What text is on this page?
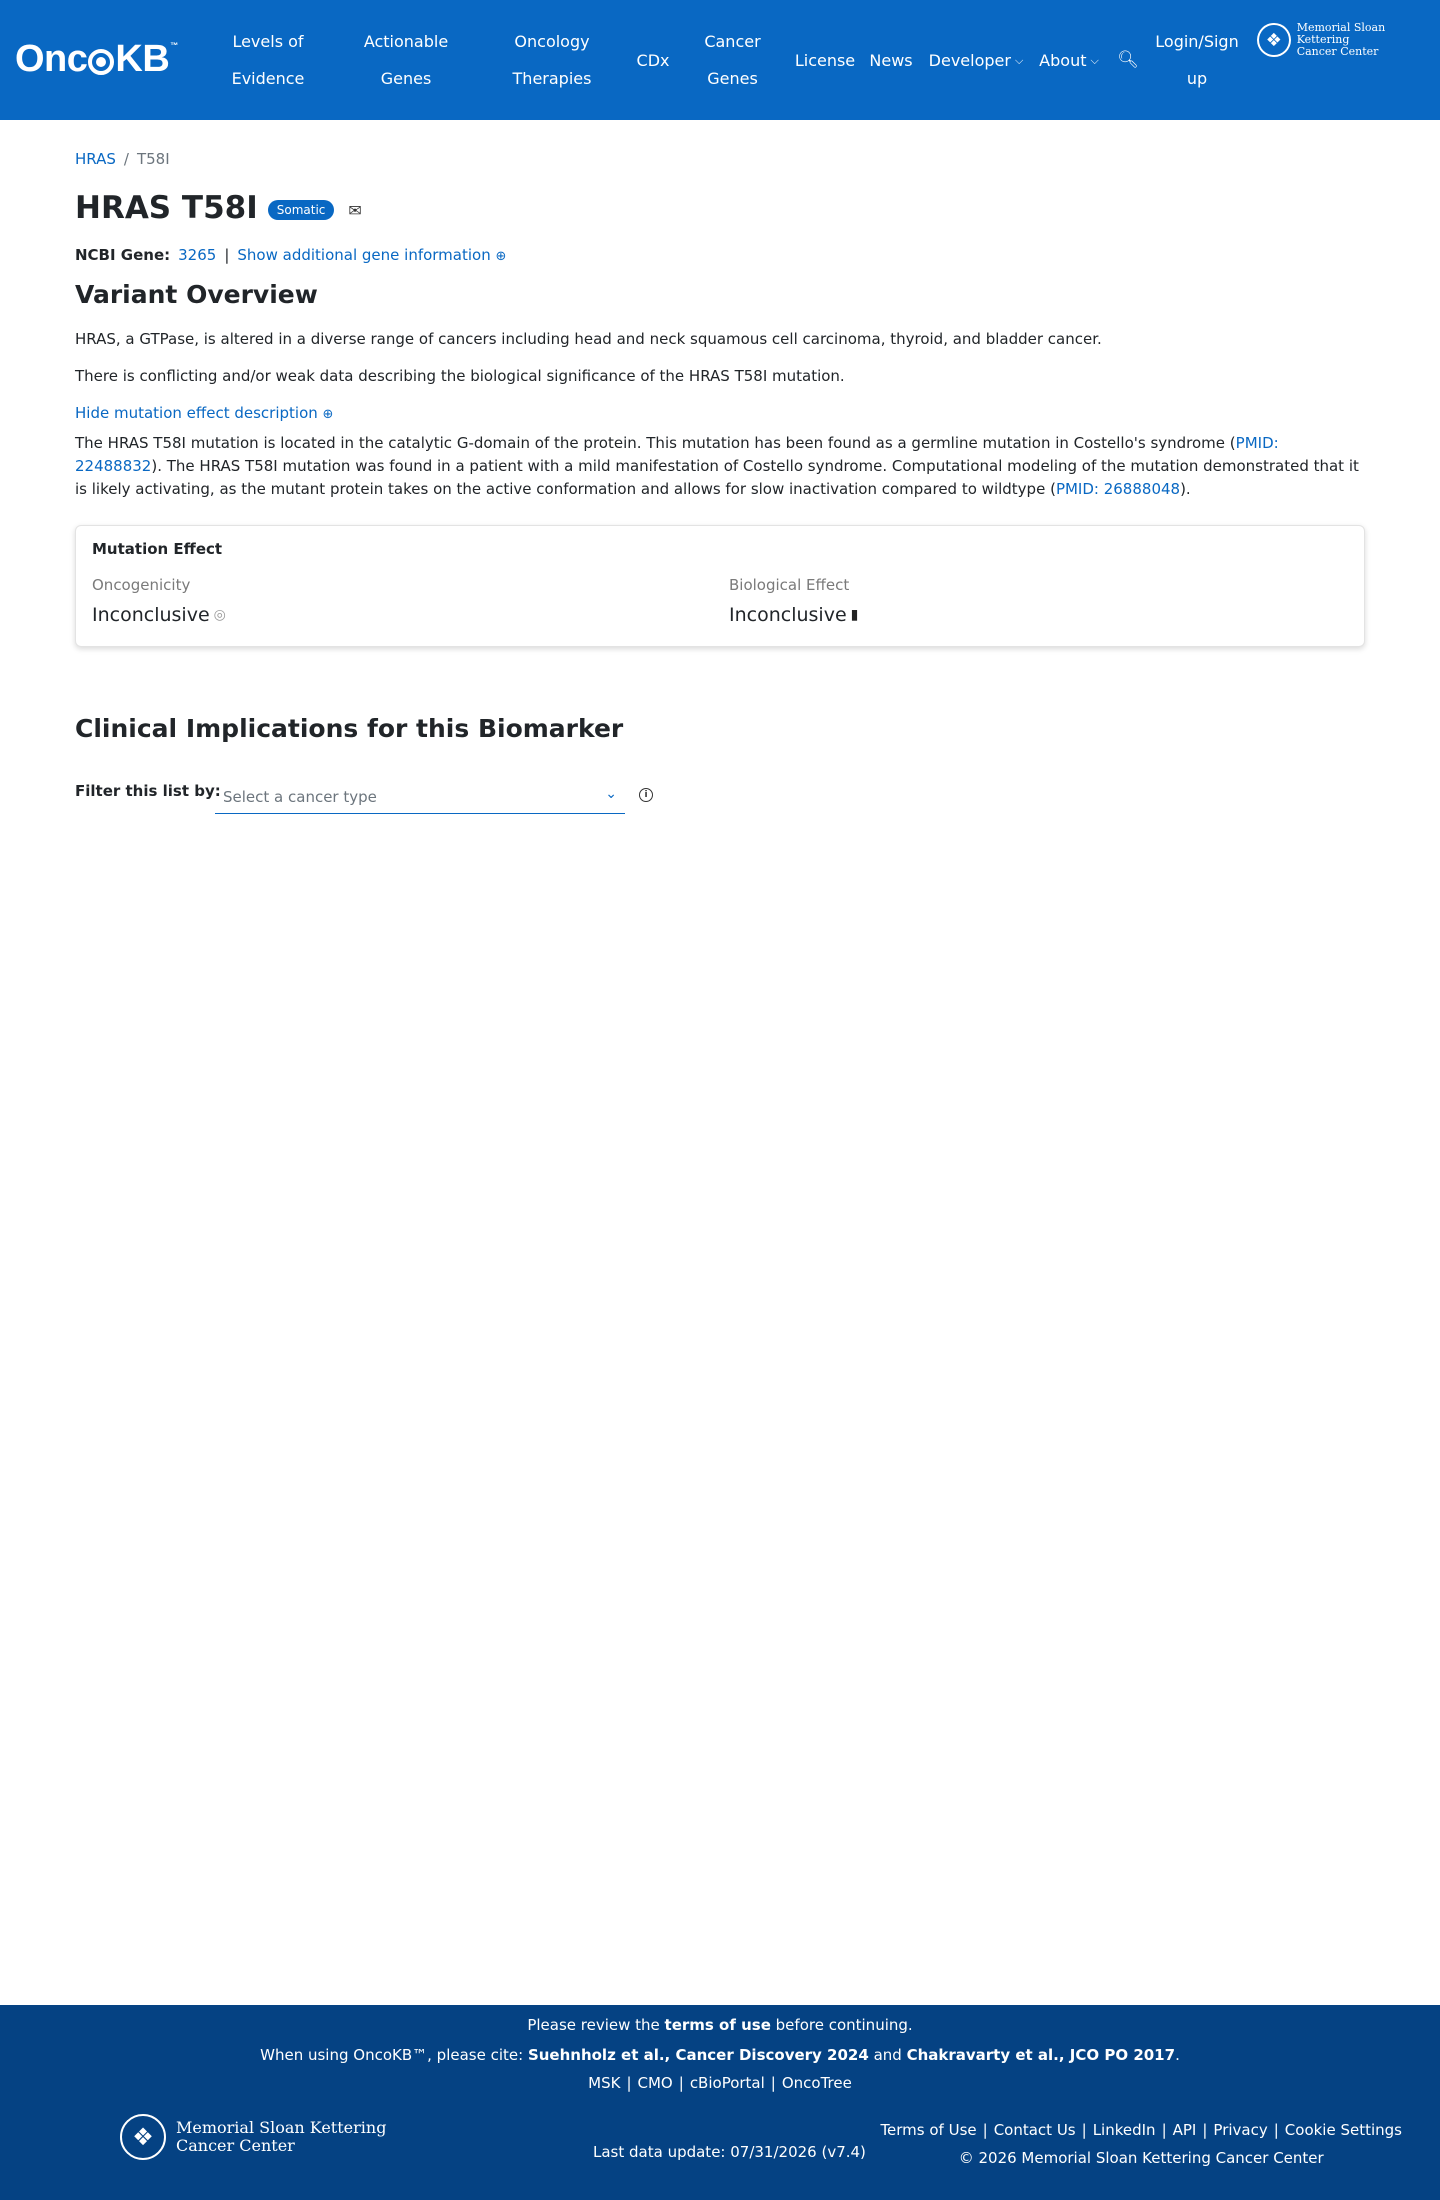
Onc KB™	Levels of Evidence
Actionable Genes
Oncology Therapies
CDx
Cancer Genes
License News Developer ⌵ About ⌵ 🔍︎
Login/Sign up
❖
Memorial Sloan Kettering
Cancer Center
HRAS / T58I
HRAS T58I	Somatic	✉︎
NCBI Gene: 3265 | Show additional gene information ⊕
Variant Overview
HRAS, a GTPase, is altered in a diverse range of cancers including head and neck squamous cell carcinoma, thyroid, and bladder cancer.
There is conflicting and/or weak data describing the biological significance of the HRAS T58I mutation.
Hide mutation effect description ⊕
The HRAS T58I mutation is located in the catalytic G-domain of the protein. This mutation has been found as a germline mutation in Costello's syndrome (PMID: 22488832). The HRAS T58I mutation was found in a patient with a mild manifestation of Costello syndrome. Computational modeling of the mutation demonstrated that it is likely activating, as the mutant protein takes on the active conformation and allows for slow inactivation compared to wildtype (PMID: 26888048).
Mutation Effect
Oncogenicity
Inconclusive ◎
Biological Effect
Inconclusive ▮
Clinical Implications for this Biomarker
Filter this list by: Select a cancer type	⌄	i
Please review the terms of use before continuing.
When using OncoKB™, please cite: Suehnholz et al., Cancer Discovery 2024 and Chakravarty et al., JCO PO 2017.
MSK | CMO | cBioPortal | OncoTree
❖	Memorial Sloan Kettering
Cancer Center	Last data update: 07/31/2026 (v7.4)
Terms of Use | Contact Us | LinkedIn | API | Privacy | Cookie Settings
© 2026 Memorial Sloan Kettering Cancer Center
